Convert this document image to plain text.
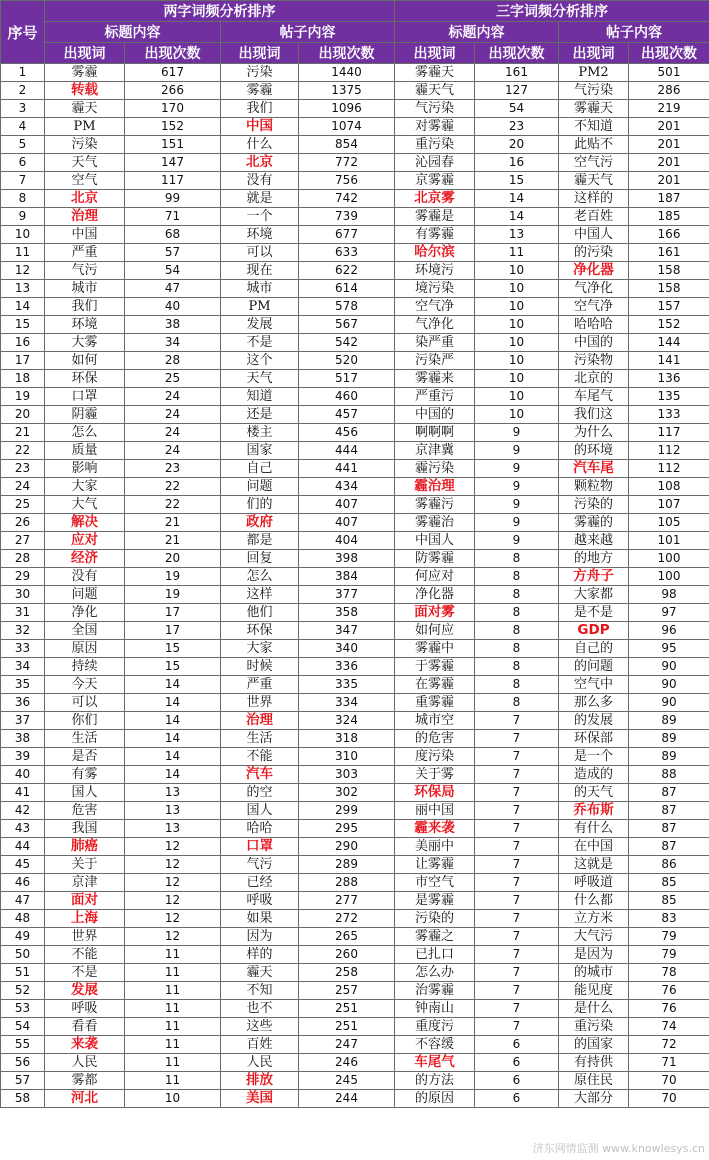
序号	两字词频分析排序				三字词频分析排序			
	标题内容		帖子内容		标题内容		帖子内容	
	出现词	出现次数	出现词	出现次数	出现词	出现次数	出现词	出现次数
1	雾霾	617	污染	1440	雾霾天	161	PM2	501
2	转载	266	雾霾	1375	霾天气	127	气污染	286
3	霾天	170	我们	1096	气污染	54	雾霾天	219
4	PM	152	中国	1074	对雾霾	23	不知道	201
5	污染	151	什么	854	重污染	20	此贴不	201
6	天气	147	北京	772	沁园春	16	空气污	201
7	空气	117	没有	756	京雾霾	15	霾天气	201
8	北京	99	就是	742	北京雾	14	这样的	187
9	治理	71	一个	739	雾霾是	14	老百姓	185
10	中国	68	环境	677	有雾霾	13	中国人	166
11	严重	57	可以	633	哈尔滨	11	的污染	161
12	气污	54	现在	622	环境污	10	净化器	158
13	城市	47	城市	614	境污染	10	气净化	158
14	我们	40	PM	578	空气净	10	空气净	157
15	环境	38	发展	567	气净化	10	哈哈哈	152
16	大雾	34	不是	542	染严重	10	中国的	144
17	如何	28	这个	520	污染严	10	污染物	141
18	环保	25	天气	517	雾霾来	10	北京的	136
19	口罩	24	知道	460	严重污	10	车尾气	135
20	阴霾	24	还是	457	中国的	10	我们这	133
21	怎么	24	楼主	456	啊啊啊	9	为什么	117
22	质量	24	国家	444	京津冀	9	的环境	112
23	影响	23	自己	441	霾污染	9	汽车尾	112
24	大家	22	问题	434	霾治理	9	颗粒物	108
25	大气	22	们的	407	雾霾污	9	污染的	107
26	解决	21	政府	407	雾霾治	9	雾霾的	105
27	应对	21	都是	404	中国人	9	越来越	101
28	经济	20	回复	398	防雾霾	8	的地方	100
29	没有	19	怎么	384	何应对	8	方舟子	100
30	问题	19	这样	377	净化器	8	大家都	98
31	净化	17	他们	358	面对雾	8	是不是	97
32	全国	17	环保	347	如何应	8	GDP	96
33	原因	15	大家	340	雾霾中	8	自己的	95
34	持续	15	时候	336	于雾霾	8	的问题	90
35	今天	14	严重	335	在雾霾	8	空气中	90
36	可以	14	世界	334	重雾霾	8	那么多	90
37	你们	14	治理	324	城市空	7	的发展	89
38	生活	14	生活	318	的危害	7	环保部	89
39	是否	14	不能	310	度污染	7	是一个	89
40	有雾	14	汽车	303	关于雾	7	造成的	88
41	国人	13	的空	302	环保局	7	的天气	87
42	危害	13	国人	299	丽中国	7	乔布斯	87
43	我国	13	哈哈	295	霾来袭	7	有什么	87
44	肺癌	12	口罩	290	美丽中	7	在中国	87
45	关于	12	气污	289	让雾霾	7	这就是	86
46	京津	12	已经	288	市空气	7	呼吸道	85
47	面对	12	呼吸	277	是雾霾	7	什么都	85
48	上海	12	如果	272	污染的	7	立方米	83
49	世界	12	因为	265	雾霾之	7	大气污	79
50	不能	11	样的	260	已扎口	7	是因为	79
51	不是	11	霾天	258	怎么办	7	的城市	78
52	发展	11	不知	257	治雾霾	7	能见度	76
53	呼吸	11	也不	251	钟南山	7	是什么	76
54	看看	11	这些	251	重度污	7	重污染	74
55	来袭	11	百姓	247	不容缓	6	的国家	72
56	人民	11	人民	246	车尾气	6	有持供	71
57	雾都	11	排放	245	的方法	6	原住民	70
58	河北	10	美国	244	的原因	6	大部分	70
济东网情监测 www.knowlesys.cn
